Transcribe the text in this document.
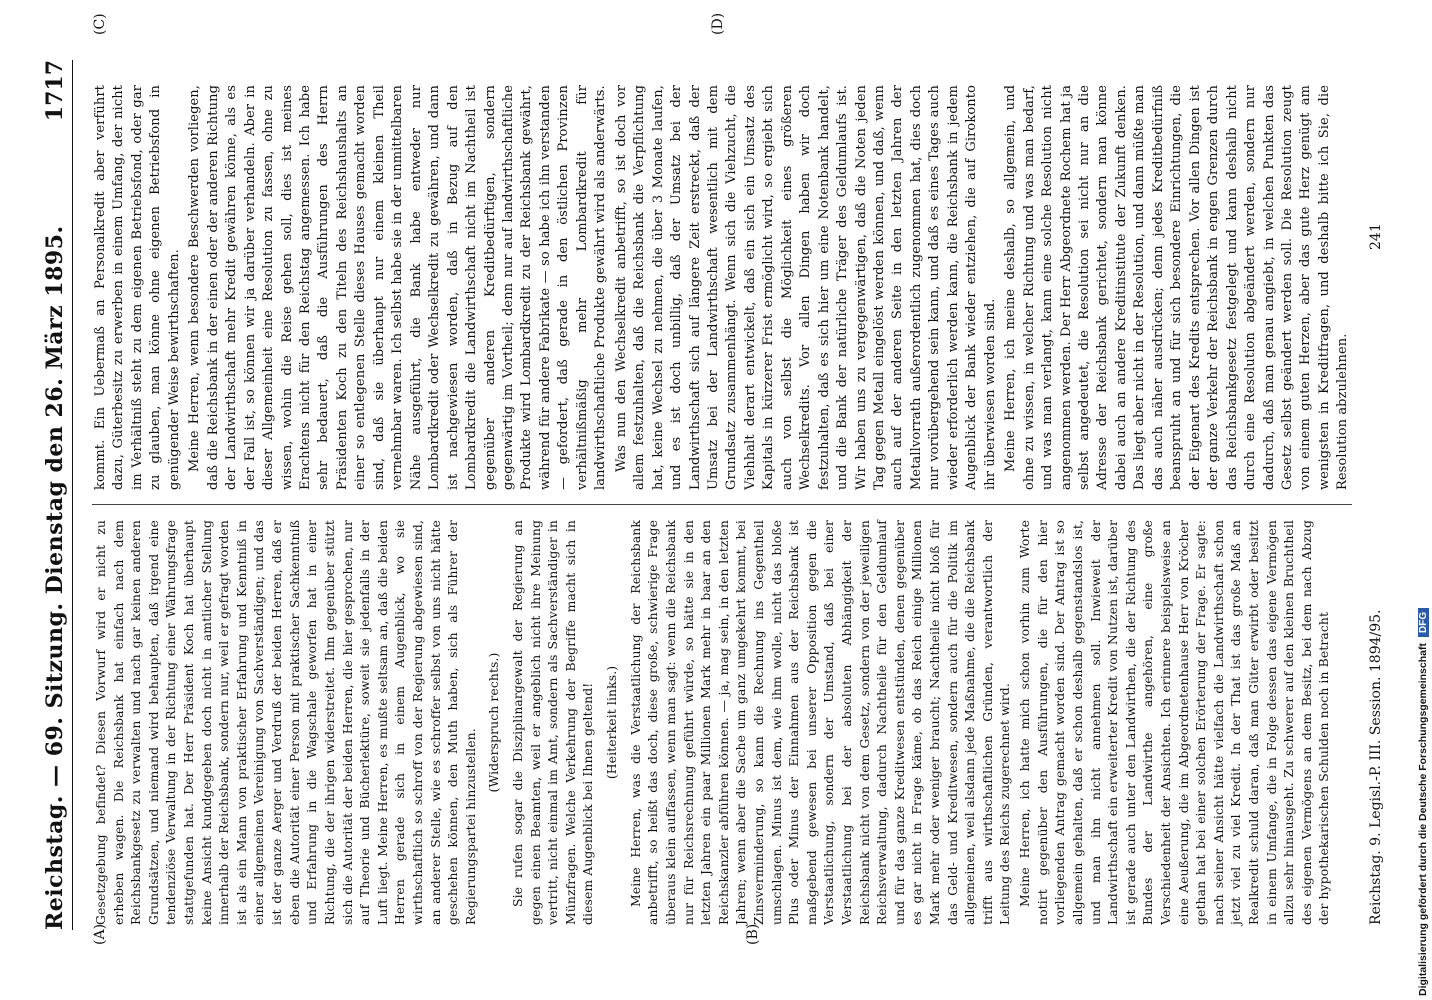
Reichstag. — 69. Sitzung. Dienstag den 26. März 1895.
1717
(A)	(B)
(C)	(D)

Gesetzgebung befindet? Diesen Vorwurf wird er nicht zu erheben wagen. Die Reichsbank hat einfach nach dem Reichsbankgesetz zu verwalten und nach gar keinen anderen Grundsätzen, und niemand wird behaupten, daß irgend eine tendenziöse Verwaltung in der Richtung einer Währungsfrage stattgefunden hat. Der Herr Präsident Koch hat überhaupt keine Ansicht kundgegeben doch nicht in amtlicher Stellung innerhalb der Reichsbank, sondern nur, weil er gefragt worden ist als ein Mann von praktischer Erfahrung und Kenntniß in einer allgemeinen Vereinigung von Sachverständigen; und das ist der ganze Aerger und Verdruß der beiden Herren, daß er eben die Autorität einer Person mit praktischer Sachkenntniß und Erfahrung in die Wagschale geworfen hat in einer Richtung, die der ihrigen widerstreitet. Ihm gegenüber stützt sich die Autorität der beiden Herren, die hier gesprochen, nur auf Theorie und Bücherlektüre, soweit sie jedenfalls in der Luft liegt. Meine Herren, es mußte seltsam an, daß die beiden Herren gerade sich in einem Augenblick, wo sie wirthschaftlich so schroff von der Regierung abgewiesen sind, an anderer Stelle, wie es schroffer selbst von uns nicht hätte geschehen können, den Muth haben, sich als Führer der Regierungspartei hinzustellen.

(Widerspruch rechts.) Sie rufen sogar die Disziplinargewalt der Regierung an gegen einen Beamten, weil er angeblich nicht ihre Meinung vertritt, nicht einmal im Amt, sondern als Sachverständiger in Münzfragen. Welche Verkehrung der Begriffe macht sich in diesem Augenblick bei Ihnen geltend! (Heiterkeit links.) Meine Herren, was die Verstaatlichung der Reichsbank anbetrifft, so heißt das doch, diese große, schwierige Frage überaus klein auffassen, wenn man sagt: wenn die Reichsbank nur für Reichsrechnung geführt würde, so hätte sie in den letzten Jahren ein paar Millionen Mark mehr in baar an den Reichskanzler abführen können. — ja, mag sein, in den letzten Jahren; wenn aber die Sache um ganz umgekehrt kommt, bei Zinsverminderung, so kann die Rechnung ins Gegentheil umschlagen. Minus ist dem, wie ihm wolle, nicht das bloße Plus oder Minus der Einnahmen aus der Reichsbank ist maßgebend gewesen bei unserer Opposition gegen die Verstaatlichung, sondern der Umstand, daß bei einer Verstaatlichung bei der absoluten Abhängigkeit der Reichsbank nicht von dem Gesetz, sondern von der jeweiligen Reichsverwaltung, dadurch Nachtheile für den Geldumlauf und für das ganze Kreditwesen entstünden, denen gegenüber es gar nicht in Frage käme, ob das Reich einige Millionen Mark mehr oder weniger braucht; Nachtheile nicht bloß für das Geld- und Kreditwesen, sondern auch für die Politik im allgemeinen, weil alsdann jede Maßnahme, die die Reichsbank trifft aus wirthschaftlichen Gründen, verantwortlich der Leitung des Reichs zugerechnet wird. Meine Herren, ich hatte mich schon vorhin zum Worte notirt gegenüber den Ausführungen, die für den hier vorliegenden Antrag gemacht worden sind. Der Antrag ist so allgemein gehalten, daß er schon deshalb gegenstandslos ist, und man ihn nicht annehmen soll. Inwieweit der Landwirthschaft ein erweiterter Kredit von Nutzen ist, darüber ist gerade auch unter den Landwirthen, die der Richtung des Bundes der Landwirthe angehören, eine große Verschiedenheit der Ansichten. Ich erinnere beispielsweise an eine Aeußerung, die im Abgeordnetenhause Herr von Kröcher gethan hat bei einer solchen Erörterung der Frage. Er sagte: nach seiner Ansicht hätte vielfach die Landwirthschaft schon jetzt viel zu viel Kredit. In der That ist das große Maß an Realkredit schuld daran, daß man Güter erwirbt oder besitzt in einem Umfange, die in Folge dessen das eigene Vermögen allzu sehr hinausgeht. Zu schwerer auf den kleinen Bruchtheil des eigenen Vermögens an dem Besitz, bei dem nach Abzug der hypothekarischen Schulden noch in Betracht

kommt. Ein Uebermaß an Personalkredit aber verführt dazu, Güterbesitz zu erwerben in einem Umfang, der nicht im Verhältniß steht zu dem eigenen Betriebsfond, oder gar zu glauben, man könne ohne eigenen Betriebsfond in genügender Weise bewirthschaften. Meine Herren, wenn besondere Beschwerden vorliegen, daß die Reichsbank in der einen oder der anderen Richtung der Landwirthschaft mehr Kredit gewähren könne, als es der Fall ist, so können wir ja darüber verhandeln. Aber in dieser Allgemeinheit eine Resolution zu fassen, ohne zu wissen, wohin die Reise gehen soll, dies ist meines Erachtens nicht für den Reichstag angemessen. Ich habe sehr bedauert, daß die Ausführungen des Herrn Präsidenten Koch zu den Titeln des Reichshaushalts an einer so entlegenen Stelle dieses Hauses gemacht worden sind, daß sie überhaupt nur einem kleinen Theil vernehmbar waren. Ich selbst habe sie in der unmittelbaren Nähe ausgeführt, die Bank habe entweder nur Lombardkredit oder Wechselkredit zu gewähren, und dann ist nachgewiesen worden, daß in Bezug auf den Lombardkredit die Landwirthschaft nicht im Nachtheil ist gegenüber anderen Kreditbedürftigen, sondern gegenwärtig im Vortheil; denn nur auf landwirthschaftliche Produkte wird Lombardkredit zu der Reichsbank gewährt, während für andere Fabrikate — so habe ich ihn verstanden — gefordert, daß gerade in den östlichen Provinzen verhältnißmäßig mehr Lombardkredit für landwirthschaftliche Produkte gewährt wird als anderwärts. Was nun den Wechselkredit anbetrifft, so ist doch vor allem festzuhalten, daß die Reichsbank die Verpflichtung hat, keine Wechsel zu nehmen, die über 3 Monate laufen, und es ist doch unbillig, daß der Umsatz bei der Landwirthschaft sich auf längere Zeit erstreckt, daß der Umsatz bei der Landwirthschaft wesentlich mit dem Grundsatz zusammenhängt. Wenn sich die Viehzucht, die Viehhalt derart entwickelt, daß ein sich ein Umsatz des Kapitals in kürzerer Frist ermöglicht wird, so ergiebt sich auch von selbst die Möglichkeit eines größeren Wechselkredits. Vor allen Dingen haben wir doch festzuhalten, daß es sich hier um eine Notenbank handelt, und die Bank der natürliche Träger des Geldumlaufs ist. Wir haben uns zu vergegenwärtigen, daß die Noten jeden Tag gegen Metall eingelöst werden können, und daß, wenn auch auf der anderen Seite in den letzten Jahren der Metallvorrath außerordentlich zugenommen hat, dies doch nur vorübergehend sein kann, und daß es eines Tages auch wieder erforderlich werden kann, die Reichsbank in jedem Augenblick der Bank wieder entziehen, die auf Girokonto ihr überwiesen worden sind. Meine Herren, ich meine deshalb, so allgemein, und ohne zu wissen, in welcher Richtung und was man bedarf, und was man verlangt, kann eine solche Resolution nicht angenommen werden. Der Herr Abgeordnete Rochem hat ja selbst angedeutet, die Resolution sei nicht nur an die Adresse der Reichsbank gerichtet, sondern man könne dabei auch an andere Kreditinstitute der Zukunft denken. Das liegt aber nicht in der Resolution, und dann müßte man das auch näher ausdrücken; denn jedes Kreditbedürfniß beanspruht an und für sich besondere Einrichtungen, die der Eigenart des Kredits entsprechen. Vor allen Dingen ist der ganze Verkehr der Reichsbank in engen Grenzen durch das Reichsbankgesetz festgelegt und kann deshalb nicht durch eine Resolution abgeändert werden, sondern nur dadurch, daß man genau angiebt, in welchen Punkten das Gesetz selbst geändert werden soll. Die Resolution zeugt von einem guten Herzen, aber das gute Herz genügt am wenigsten in Kreditfragen, und deshalb bitte ich Sie, die Resolution abzulehnen.

Reichstag. 9. Legisl.-P. III. Session. 1894/95.
241
Digitalisierung gefördert durch die Deutsche Forschungsgemeinschaft
DFG
